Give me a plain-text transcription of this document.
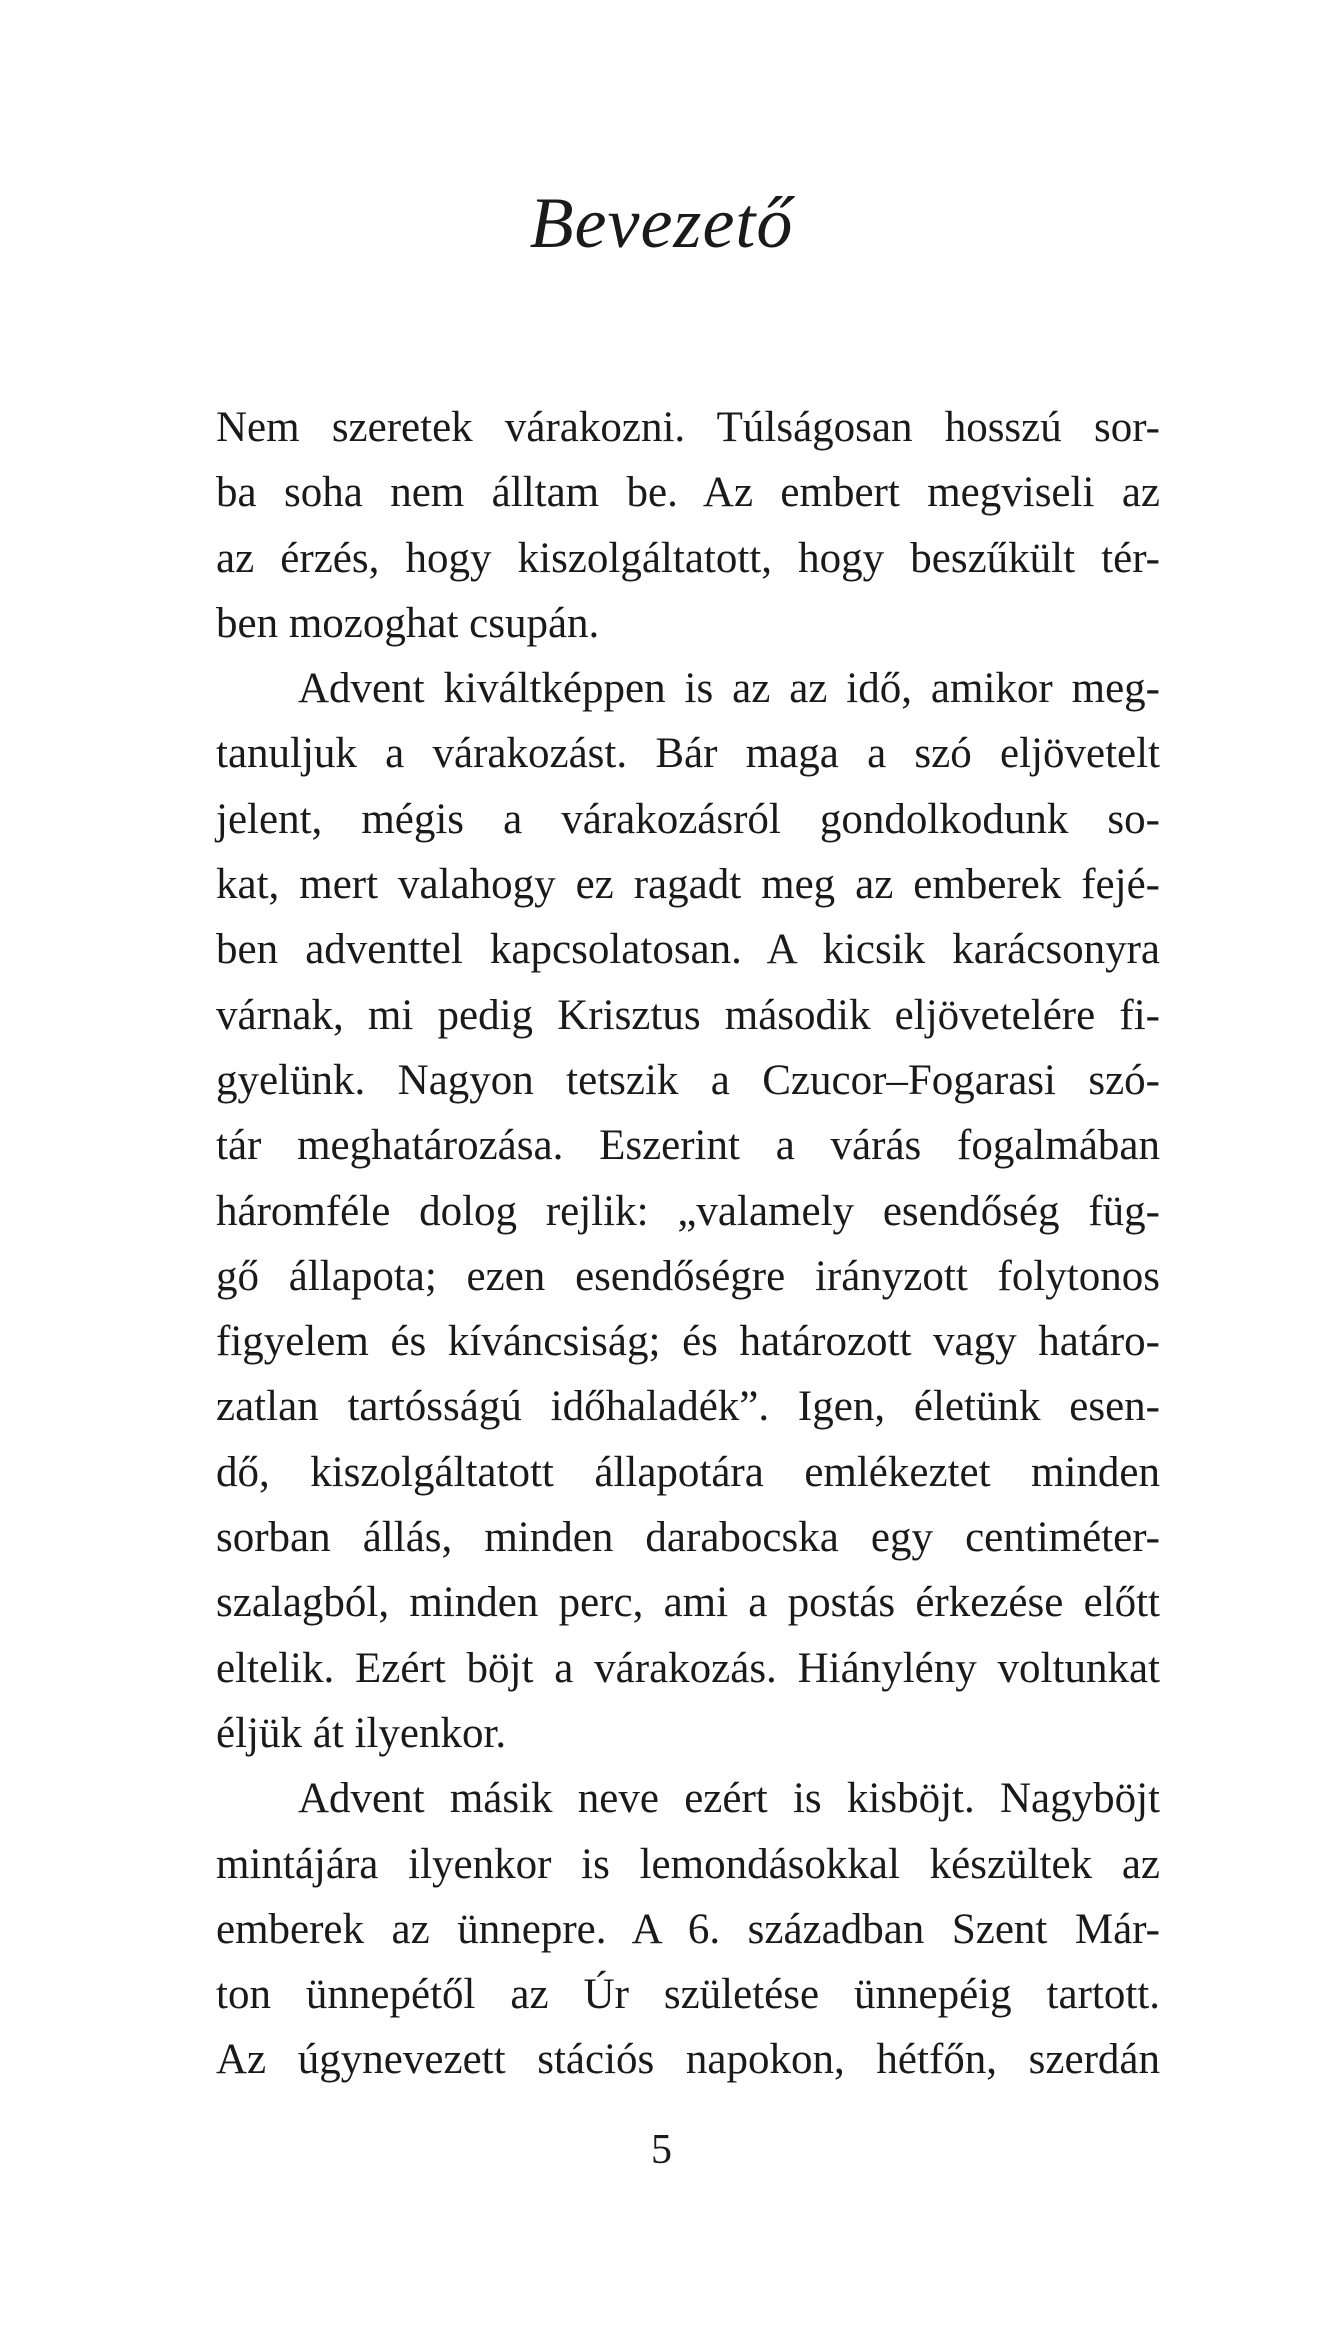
Bevezető
Nem szeretek várakozni. Túlságosan hosszú sor-
ba soha nem álltam be. Az embert megviseli az
az érzés, hogy kiszolgáltatott, hogy beszűkült tér-
ben mozoghat csupán.
Advent kiváltképpen is az az idő, amikor meg-
tanuljuk a várakozást. Bár maga a szó eljövetelt
jelent, mégis a várakozásról gondolkodunk so-
kat, mert valahogy ez ragadt meg az emberek fejé-
ben adventtel kapcsolatosan. A kicsik karácsonyra
várnak, mi pedig Krisztus második eljövetelére fi-
gyelünk. Nagyon tetszik a Czucor–Fogarasi szó-
tár meghatározása. Eszerint a várás fogalmában
háromféle dolog rejlik: „valamely esendőség füg-
gő állapota; ezen esendőségre irányzott folytonos
figyelem és kíváncsiság; és határozott vagy határo-
zatlan tartósságú időhaladék”. Igen, életünk esen-
dő, kiszolgáltatott állapotára emlékeztet minden
sorban állás, minden darabocska egy centiméter-
szalagból, minden perc, ami a postás érkezése előtt
eltelik. Ezért böjt a várakozás. Hiánylény voltunkat
éljük át ilyenkor.
Advent másik neve ezért is kisböjt. Nagyböjt
mintájára ilyenkor is lemondásokkal készültek az
emberek az ünnepre. A 6. században Szent Már-
ton ünnepétől az Úr születése ünnepéig tartott.
Az úgynevezett stációs napokon, hétfőn, szerdán
5
